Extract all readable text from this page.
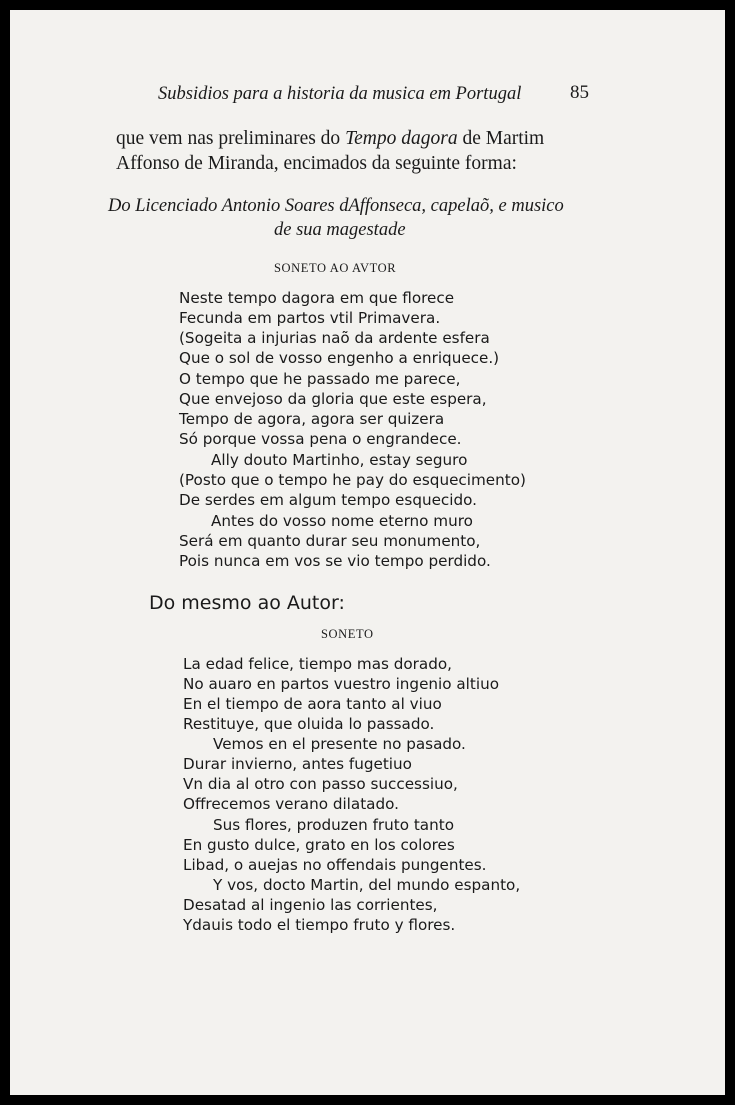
Subsidios para a historia da musica em Portugal	85
que vem nas preliminares do Tempo dagora de Martim
Affonso de Miranda, encimados da seguinte forma:
Do Licenciado Antonio Soares dAffonseca, capelaõ, e musico
de sua magestade
SONETO AO AVTOR
Neste tempo dagora em que florece
Fecunda em partos vtil Primavera.
(Sogeita a injurias naõ da ardente esfera
Que o sol de vosso engenho a enriquece.)
O tempo que he passado me parece,
Que envejoso da gloria que este espera,
Tempo de agora, agora ser quizera
Só porque vossa pena o engrandece.
Ally douto Martinho, estay seguro
(Posto que o tempo he pay do esquecimento)
De serdes em algum tempo esquecido.
Antes do vosso nome eterno muro
Será em quanto durar seu monumento,
Pois nunca em vos se vio tempo perdido.
Do mesmo ao Autor:
SONETO
La edad felice, tiempo mas dorado,
No auaro en partos vuestro ingenio altiuo
En el tiempo de aora tanto al viuo
Restituye, que oluida lo passado.
Vemos en el presente no pasado.
Durar invierno, antes fugetiuo
Vn dia al otro con passo successiuo,
Offrecemos verano dilatado.
Sus flores, produzen fruto tanto
En gusto dulce, grato en los colores
Libad, o auejas no offendais pungentes.
Y vos, docto Martin, del mundo espanto,
Desatad al ingenio las corrientes,
Ydauis todo el tiempo fruto y flores.
